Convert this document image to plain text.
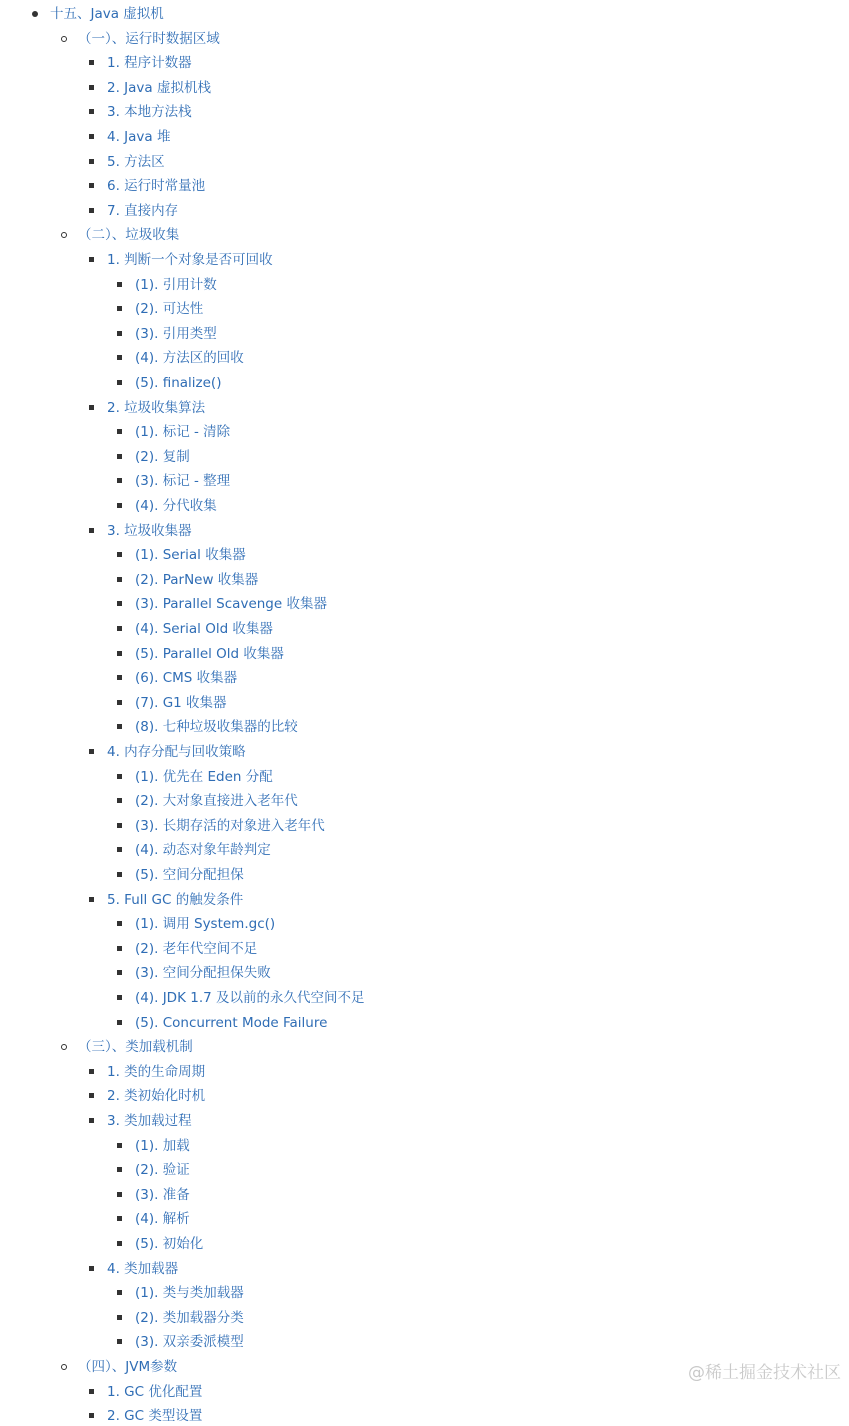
十五、Java 虚拟机
（一）、运行时数据区域
1. 程序计数器
2. Java 虚拟机栈
3. 本地方法栈
4. Java 堆
5. 方法区
6. 运行时常量池
7. 直接内存
（二）、垃圾收集
1. 判断一个对象是否可回收
(1). 引用计数
(2). 可达性
(3). 引用类型
(4). 方法区的回收
(5). finalize()
2. 垃圾收集算法
(1). 标记 - 清除
(2). 复制
(3). 标记 - 整理
(4). 分代收集
3. 垃圾收集器
(1). Serial 收集器
(2). ParNew 收集器
(3). Parallel Scavenge 收集器
(4). Serial Old 收集器
(5). Parallel Old 收集器
(6). CMS 收集器
(7). G1 收集器
(8). 七种垃圾收集器的比较
4. 内存分配与回收策略
(1). 优先在 Eden 分配
(2). 大对象直接进入老年代
(3). 长期存活的对象进入老年代
(4). 动态对象年龄判定
(5). 空间分配担保
5. Full GC 的触发条件
(1). 调用 System.gc()
(2). 老年代空间不足
(3). 空间分配担保失败
(4). JDK 1.7 及以前的永久代空间不足
(5). Concurrent Mode Failure
（三）、类加载机制
1. 类的生命周期
2. 类初始化时机
3. 类加载过程
(1). 加载
(2). 验证
(3). 准备
(4). 解析
(5). 初始化
4. 类加载器
(1). 类与类加载器
(2). 类加载器分类
(3). 双亲委派模型
（四）、JVM参数
1. GC 优化配置
2. GC 类型设置
@稀土掘金技术社区
